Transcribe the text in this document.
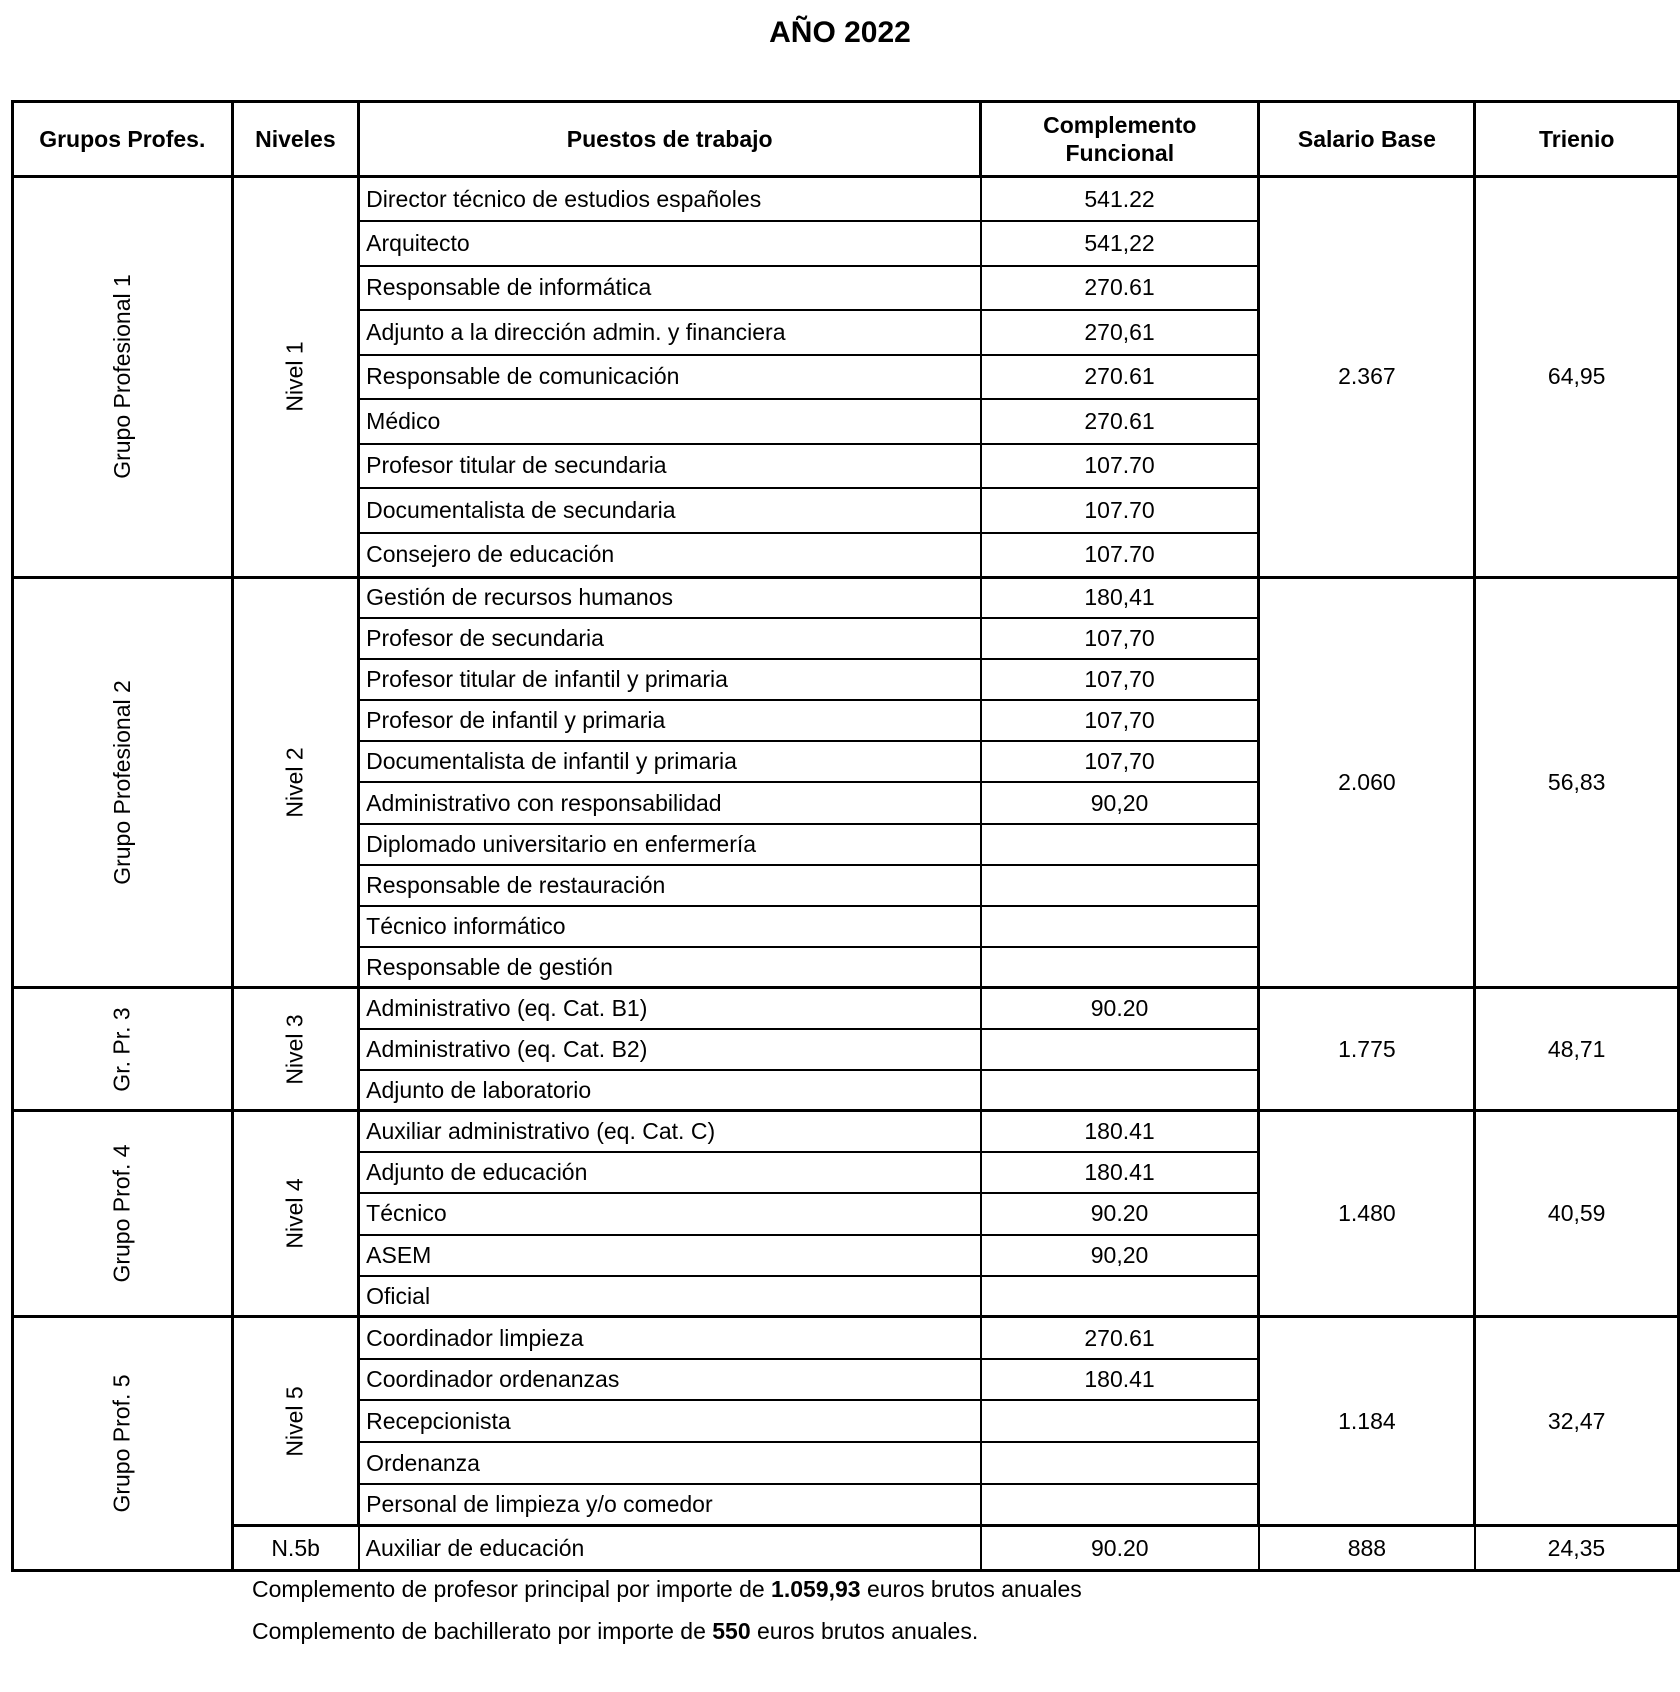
AÑO 2022
Grupos Profes.	Niveles	Puestos de trabajo	Complemento Funcional	Salario Base	Trienio
Grupo Profesional 1	Nivel 1	Director técnico de estudios españoles	541.22	2.367	64,95
		Arquitecto	541,22		
		Responsable de informática	270.61		
		Adjunto a la dirección admin. y financiera	270,61		
		Responsable de comunicación	270.61		
		Médico	270.61		
		Profesor titular de secundaria	107.70		
		Documentalista de secundaria	107.70		
		Consejero de educación	107.70		
Grupo Profesional 2	Nivel 2	Gestión de recursos humanos	180,41	2.060	56,83
		Profesor de secundaria	107,70		
		Profesor titular de infantil y primaria	107,70		
		Profesor de infantil y primaria	107,70		
		Documentalista de infantil y primaria	107,70		
		Administrativo con responsabilidad	90,20		
		Diplomado universitario en enfermería			
		Responsable de restauración			
		Técnico informático			
		Responsable de gestión			
Gr. Pr. 3	Nivel 3	Administrativo (eq. Cat. B1)	90.20	1.775	48,71
		Administrativo (eq. Cat. B2)			
		Adjunto de laboratorio			
Grupo Prof. 4	Nivel 4	Auxiliar administrativo (eq. Cat. C)	180.41	1.480	40,59
		Adjunto de educación	180.41		
		Técnico	90.20		
		ASEM	90,20		
		Oficial			
Grupo Prof. 5	Nivel 5	Coordinador limpieza	270.61	1.184	32,47
		Coordinador ordenanzas	180.41		
		Recepcionista			
		Ordenanza			
		Personal de limpieza y/o comedor			
	N.5b	Auxiliar de educación	90.20	888	24,35
Complemento de profesor principal por importe de 1.059,93 euros brutos anuales
Complemento de bachillerato por importe de 550 euros brutos anuales.
